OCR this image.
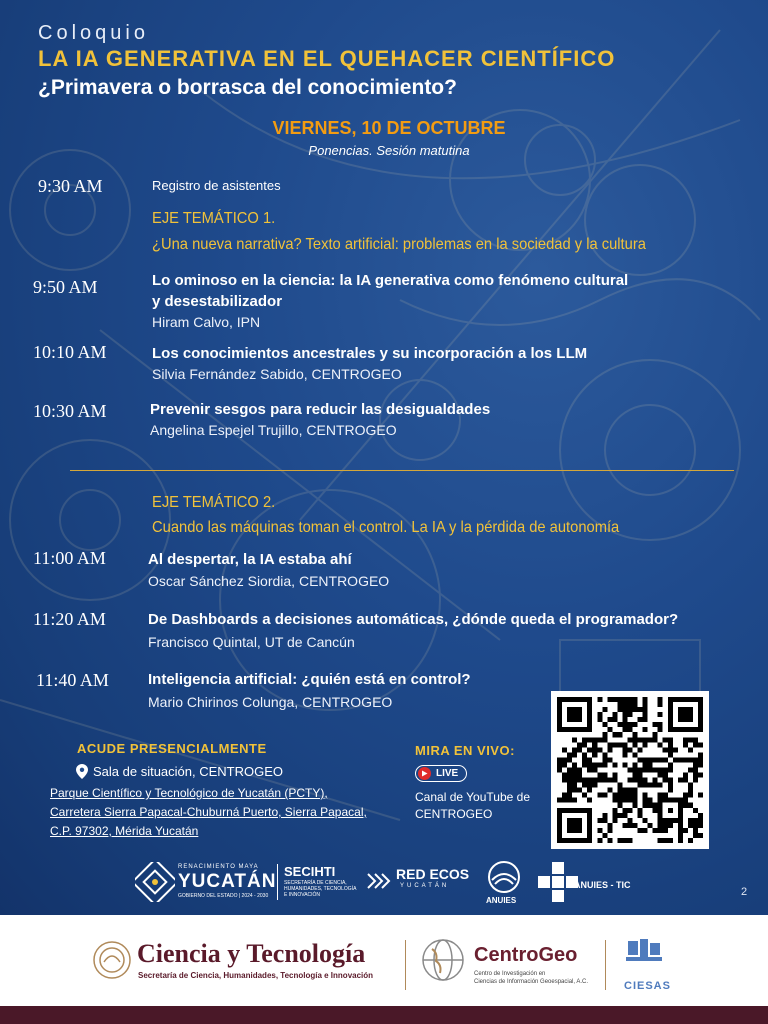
Coloquio
LA IA GENERATIVA EN EL QUEHACER CIENTÍFICO
¿Primavera o borrasca del conocimiento?
VIERNES, 10 DE OCTUBRE
Ponencias. Sesión matutina
9:30 AM	Registro de asistentes
EJE TEMÁTICO 1.
¿Una nueva narrativa? Texto artificial: problemas en la sociedad y la cultura
9:50 AM	Lo ominoso en la ciencia: la IA generativa como fenómeno cultural
y desestabilizador
Hiram Calvo, IPN
10:10 AM	Los conocimientos ancestrales y su incorporación a los LLM
Silvia Fernández Sabido, CENTROGEO
10:30 AM	Prevenir sesgos para reducir las desigualdades
Angelina Espejel Trujillo, CENTROGEO
EJE TEMÁTICO 2.
Cuando las máquinas toman el control. La IA y la pérdida de autonomía
11:00 AM	Al despertar, la IA estaba ahí
Oscar Sánchez Siordia, CENTROGEO
11:20 AM	De Dashboards a decisiones automáticas, ¿dónde queda el programador?
Francisco Quintal, UT de Cancún
11:40 AM	Inteligencia artificial: ¿quién está en control?
Mario Chirinos Colunga, CENTROGEO
ACUDE PRESENCIALMENTE
Sala de situación, CENTROGEO
Parque Científico y Tecnológico de Yucatán (PCTY),
Carretera Sierra Papacal-Chuburná Puerto, Sierra Papacal,
C.P. 97302, Mérida Yucatán
MIRA EN VIVO:
LIVE
Canal de YouTube de
CENTROGEO
RENACIMIENTO MAYA
YUCATÁN
GOBIERNO DEL ESTADO | 2024 - 2030
SECIHTI
SECRETARÍA DE CIENCIA,
HUMANIDADES, TECNOLOGÍA
E INNOVACIÓN
RED ECOS
YUCATÁN
ANUIES
ANUIES - TIC
2
Ciencia y Tecnología
Secretaría de Ciencia, Humanidades, Tecnología e Innovación
CentroGeo
Centro de Investigación en
Ciencias de Información Geoespacial, A.C.	CIESAS
